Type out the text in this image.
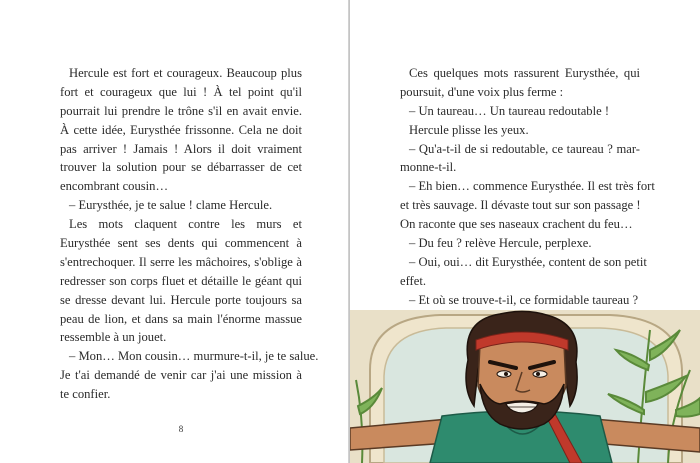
Hercule est fort et courageux. Beaucoup plus
fort et courageux que lui ! À tel point qu'il
pourrait lui prendre le trône s'il en avait envie.
À cette idée, Eurysthée frissonne. Cela ne doit
pas arriver ! Jamais ! Alors il doit vraiment
trouver la solution pour se débarrasser de cet
encombrant cousin…
– Eurysthée, je te salue ! clame Hercule.
Les mots claquent contre les murs et
Eurysthée sent ses dents qui commencent à
s'entrechoquer. Il serre les mâchoires, s'oblige à
redresser son corps fluet et détaille le géant qui
se dresse devant lui. Hercule porte toujours sa
peau de lion, et dans sa main l'énorme massue
ressemble à un jouet.
– Mon… Mon cousin… murmure-t-il, je te salue.
Je t'ai demandé de venir car j'ai une mission à
te confier.
8
Ces quelques mots rassurent Eurysthée, qui
poursuit, d'une voix plus ferme :
– Un taureau… Un taureau redoutable !
Hercule plisse les yeux.
– Qu'a-t-il de si redoutable, ce taureau ? mar-
monne-t-il.
– Eh bien… commence Eurysthée. Il est très fort
et très sauvage. Il dévaste tout sur son passage !
On raconte que ses naseaux crachent du feu…
– Du feu ? relève Hercule, perplexe.
– Oui, oui… dit Eurysthée, content de son petit
effet.
– Et où se trouve-t-il, ce formidable taureau ?
